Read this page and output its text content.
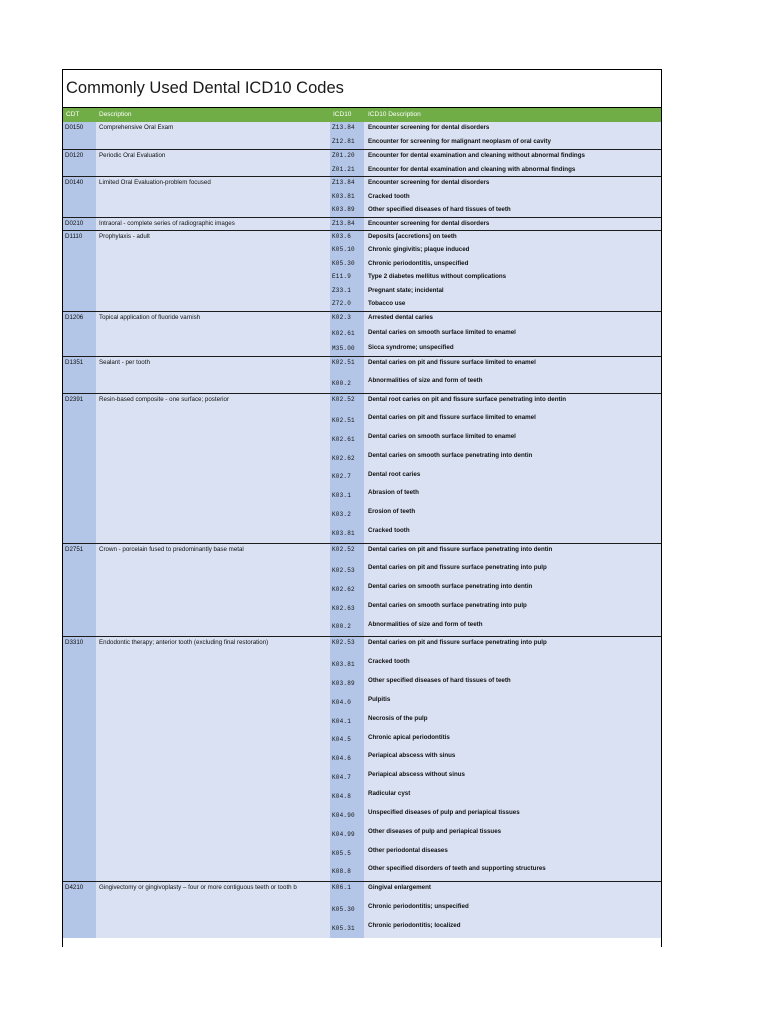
Commonly Used Dental ICD10 Codes
CDT	Description	ICD10	ICD10 Description
D0150	Comprehensive Oral Exam	Z13.84 Encounter screening for dental disorders
Z12.81 Encounter for screening for malignant neoplasm of oral cavity
D0120	Periodic Oral Evaluation	Z01.20 Encounter for dental examination and cleaning without abnormal findings
Z01.21 Encounter for dental examination and cleaning with abnormal findings
D0140	Limited Oral Evaluation-problem focused	Z13.84 Encounter screening for dental disorders
K03.81 Cracked tooth
K03.89 Other specified diseases of hard tissues of teeth
D0210	Intraoral - complete series of radiographic images	Z13.84 Encounter screening for dental disorders
D1110	Prophylaxis - adult	K03.6	Deposits [accretions] on teeth
K05.10 Chronic gingivitis; plaque induced
K05.30 Chronic periodontitis, unspecified
E11.9	Type 2 diabetes mellitus without complications
Z33.1	Pregnant state; incidental
Z72.0	Tobacco use
D1206	Topical application of fluoride varnish	K02.3	Arrested dental caries
K02.61 Dental caries on smooth surface limited to enamel
M35.00 Sicca syndrome; unspecified
D1351	Sealant - per tooth	K02.51 Dental caries on pit and fissure surface limited to enamel
K00.2	Abnormalities of size and form of teeth
D2391	Resin-based composite - one surface; posterior	K02.52 Dental root caries on pit and fissure surface penetrating into dentin
K02.51 Dental caries on pit and fissure surface limited to enamel
K02.61 Dental caries on smooth surface limited to enamel
K02.62 Dental caries on smooth surface penetrating into dentin
K02.7	Dental root caries
K03.1	Abrasion of teeth
K03.2	Erosion of teeth
K03.81 Cracked tooth
D2751	Crown - porcelain fused to predominantly base metal	K02.52 Dental caries on pit and fissure surface penetrating into dentin
K02.53 Dental caries on pit and fissure surface penetrating into pulp
K02.62 Dental caries on smooth surface penetrating into dentin
K02.63 Dental caries on smooth surface penetrating into pulp
K00.2	Abnormalities of size and form of teeth
D3310	Endodontic therapy; anterior tooth (excluding final restoration)	K02.53 Dental caries on pit and fissure surface penetrating into pulp
K03.81 Cracked tooth
K03.89 Other specified diseases of hard tissues of teeth
K04.0	Pulpitis
K04.1	Necrosis of the pulp
K04.5	Chronic apical periodontitis
K04.6	Periapical abscess with sinus
K04.7	Periapical abscess without sinus
K04.8	Radicular cyst
K04.90 Unspecified diseases of pulp and periapical tissues
K04.99 Other diseases of pulp and periapical tissues
K05.5	Other periodontal diseases
K08.8	Other specified disorders of teeth and supporting structures
D4210	Gingivectomy or gingivoplasty – four or more contiguous teeth or tooth b	K06.1	Gingival enlargement
K05.30 Chronic periodontitis; unspecified
K05.31 Chronic periodontitis; localized
